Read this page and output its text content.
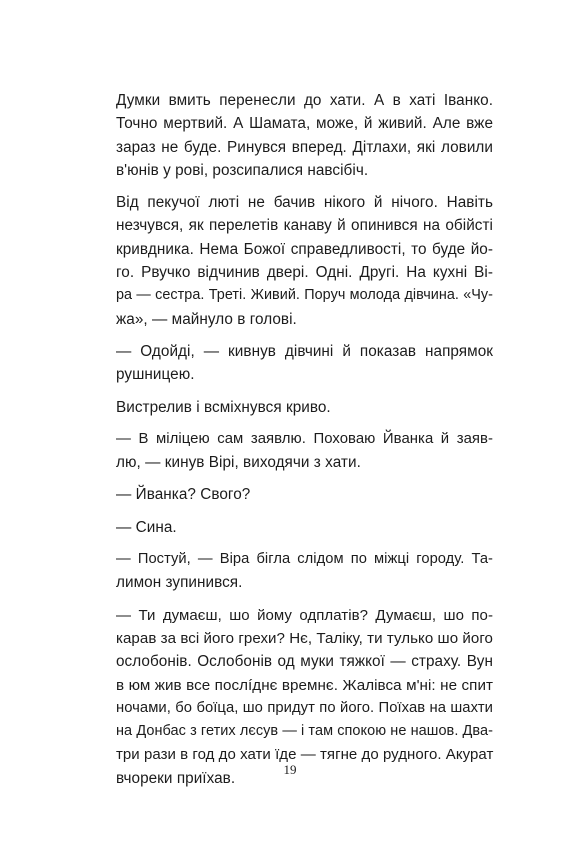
Думки вмить перенесли до хати. А в хаті Іванко.
Точно мертвий. А Шамата, може, й живий. Але вже
зараз не буде. Ринувся вперед. Дітлахи, які ловили
в'юнів у рові, розсипалися навсібіч.

Від пекучої люті не бачив нікого й нічого. Навіть
незчувся, як перелетів канаву й опинився на обійсті
кривдника. Нема Божої справедливості, то буде йо-
го. Рвучко відчинив двері. Одні. Другі. На кухні Ві-
ра — сестра. Треті. Живий. Поруч молода дівчина. «Чу-
жа», — майнуло в голові.

— Одойді, — кивнув дівчині й показав напрямок
рушницею.

Вистрелив і всміхнувся криво.

— В міліцею сам заявлю. Поховаю Йванка й заяв-
лю, — кинув Вірі, виходячи з хати.

— Йванка? Свого?

— Сина.

— Постуй, — Віра бігла слідом по міжці городу. Та-
лимон зупинився.

— Ти думаєш, шо йому одплатів? Думаєш, шо по-
карав за всі його грехи? Нє, Таліку, ти тулько шо його
ослобонів. Ослобонів од муки тяжкої — страху. Вун
в юм жив все послíднє времнє. Жалівса м'ні: не спит
ночами, бо боїца, шо придут по його. Поїхав на шахти
на Донбас з гетих лєсув — і там спокою не нашов. Два-
три рази в год до хати їде — тягне до рудного. Акурат
вчореки приїхав.

19
